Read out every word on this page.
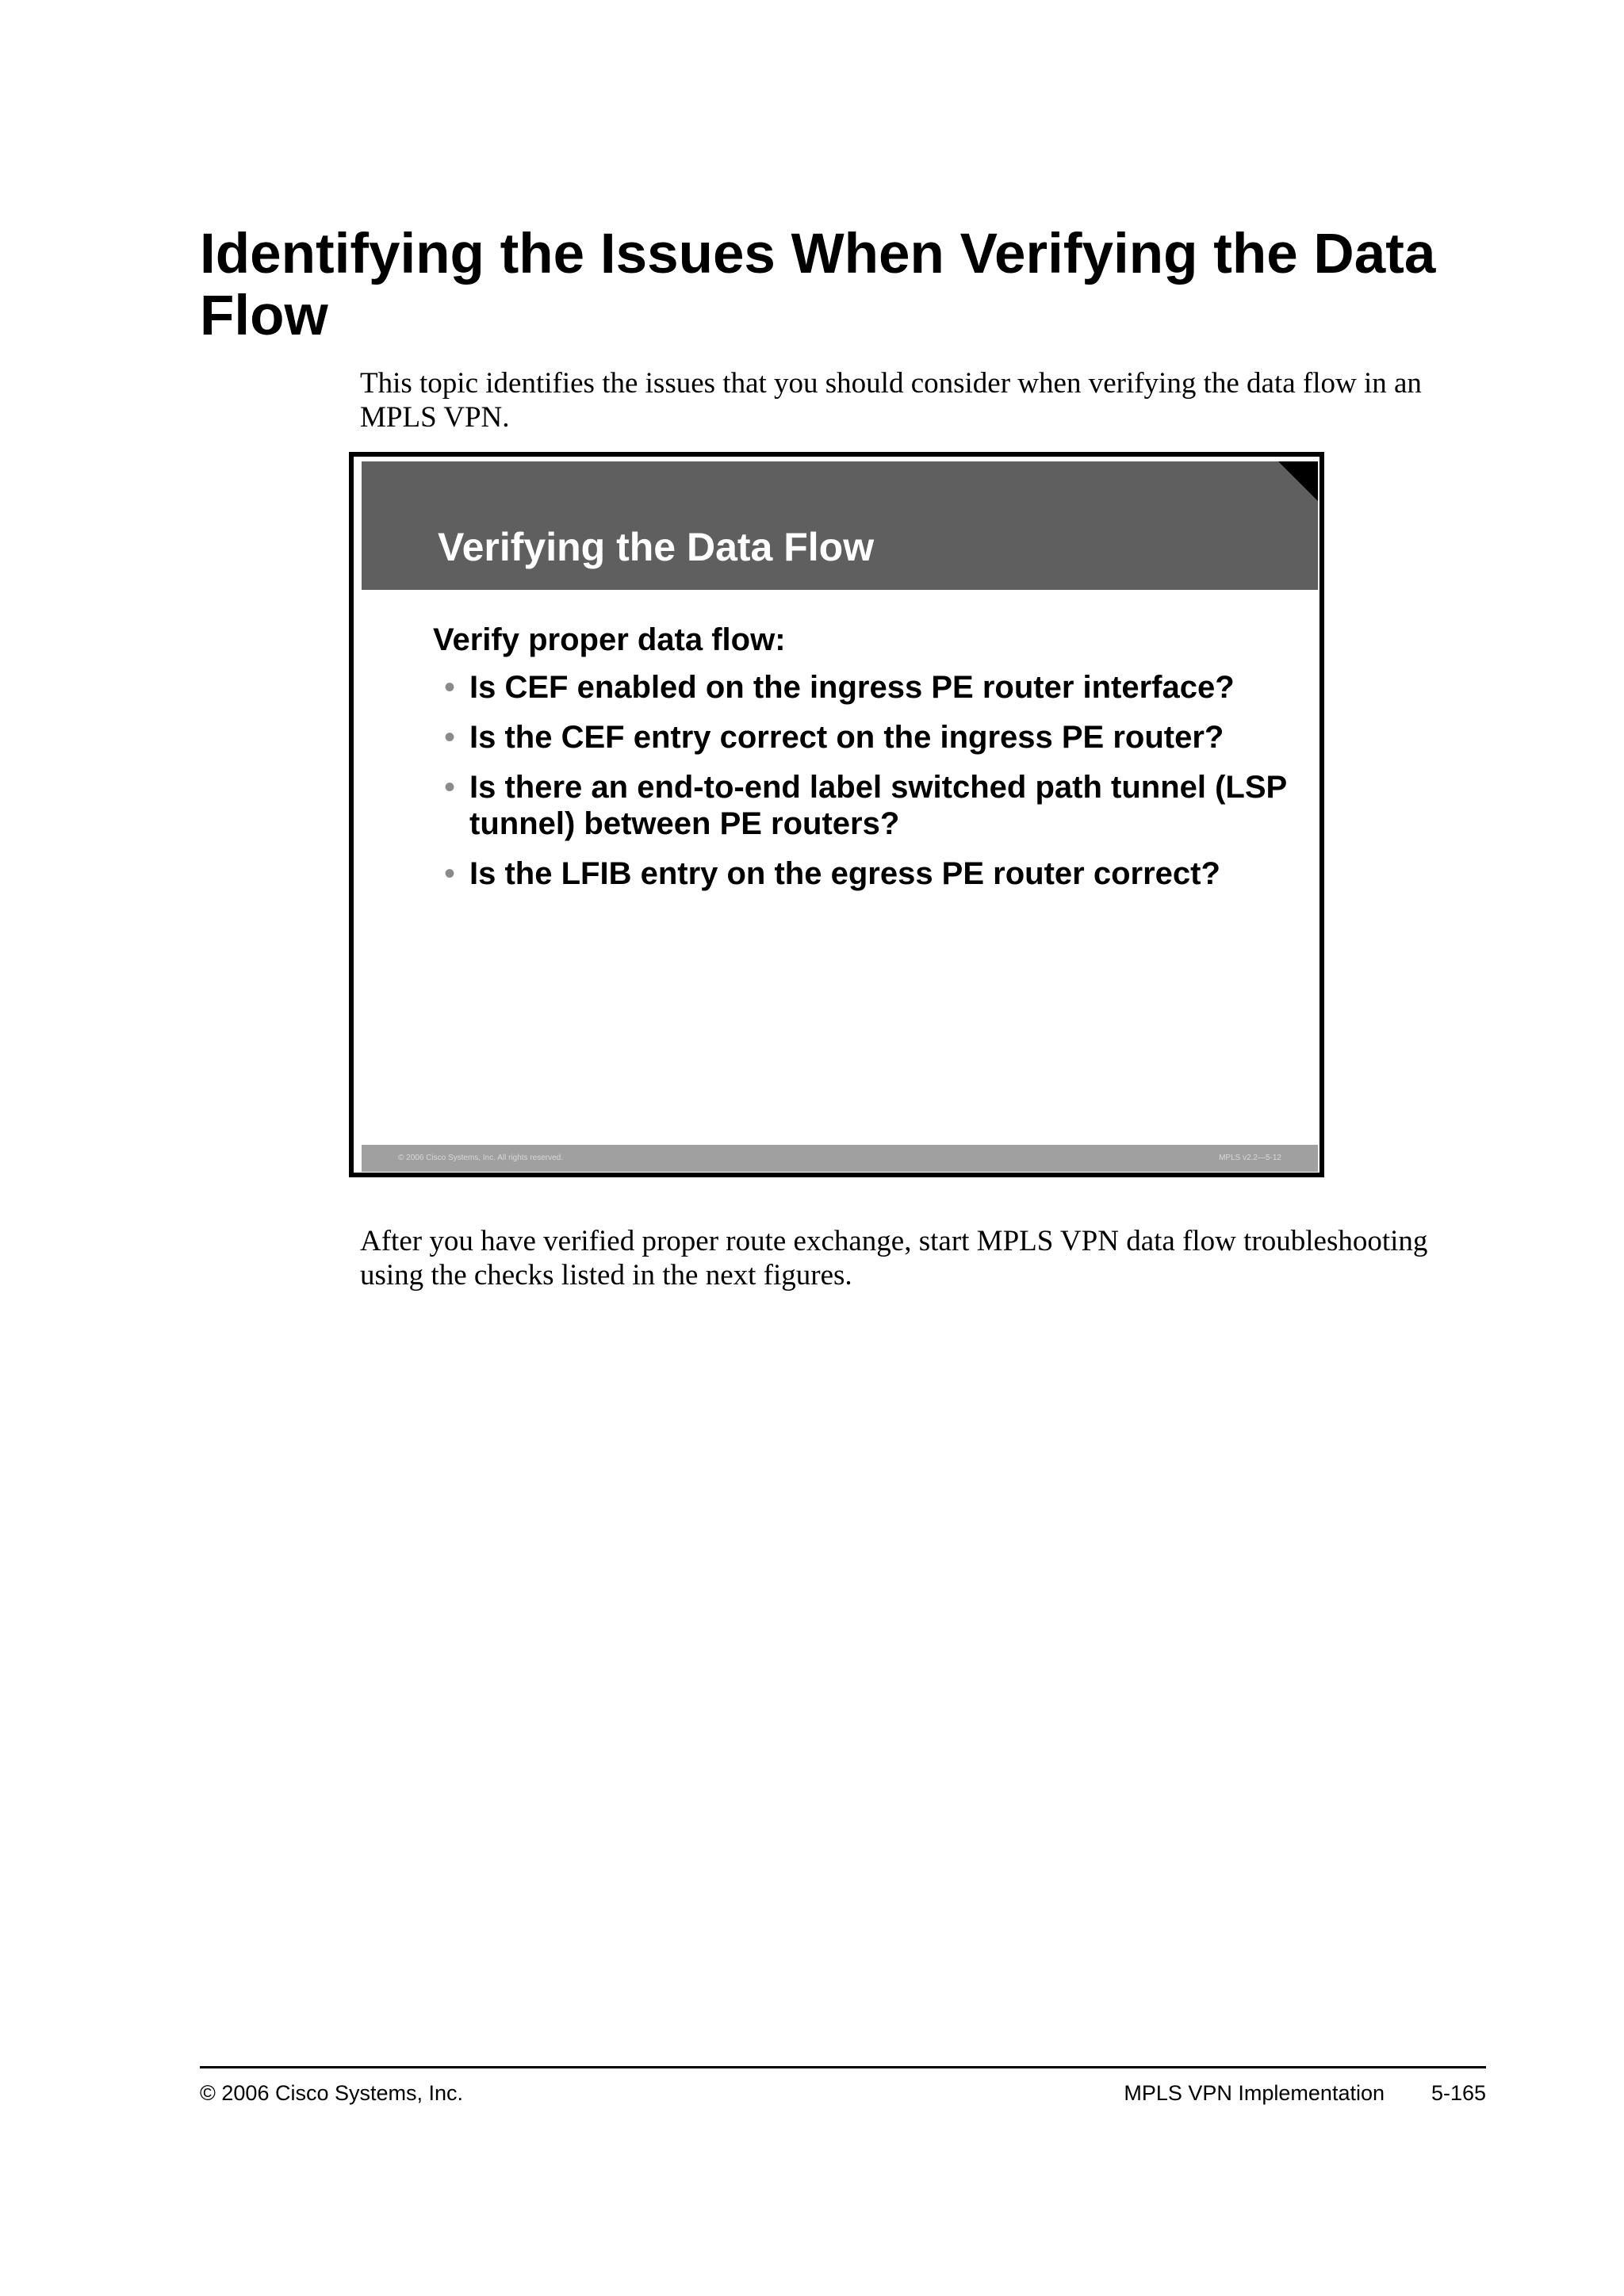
Identifying the Issues When Verifying the Data Flow

This topic identifies the issues that you should consider when verifying the data flow in an MPLS VPN.

Verifying the Data Flow

Verify proper data flow:

• Is CEF enabled on the ingress PE router interface?
• Is the CEF entry correct on the ingress PE router?
• Is there an end-to-end label switched path tunnel (LSP tunnel) between PE routers?
• Is the LFIB entry on the egress PE router correct?
© 2006 Cisco Systems, Inc. All rights reserved.	MPLS v2.2—5-12

After you have verified proper route exchange, start MPLS VPN data flow troubleshooting using the checks listed in the next figures.

© 2006 Cisco Systems, Inc.	MPLS VPN Implementation 5-165
